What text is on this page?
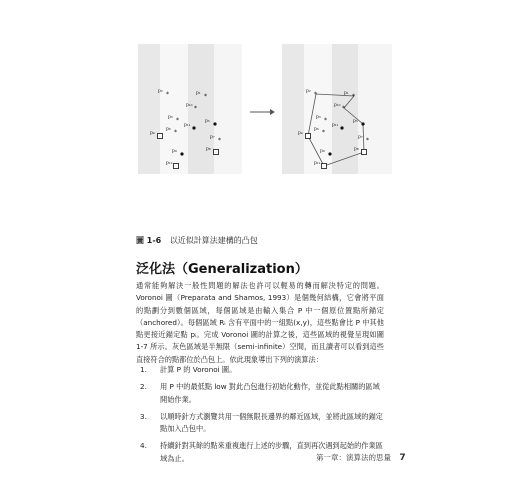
*
p₁
*
p₂
*
p₃
p₄
p₅
*
p₆
*
p₇
p₈
p₉
*
p₁₀
p₁₁
p₁₂
*
p₁
*
p₂
*
p₃
p₄
p₅
*
p₆
*
p₇
p₈
p₉
*
p₁₀
p₁₁
p₁₂
圖 1-6 以近似計算法建構的凸包
泛化法（Generalization）
通常能夠解決一般性問題的解法也許可以輕易的轉而解決特定的問題。Voronoi 圖（Preparata and Shamos, 1993）是個幾何結構，它會將平面的點劃分到數個區域，每個區域是由輸入集合 P 中一個原位置點所錨定（anchored）。每個區域 Rᵢ 含有平面中的一組點(x,y)，這些點會比 P 中其他點更接近錨定點 pᵢ。完成 Voronoi 圖的計算之後，這些區域的視覺呈現如圖 1-7 所示。灰色區域是半無限（semi-infinite）空間，而且讀者可以看到這些直接符合的點都位於凸包上。依此現象導出下列的演算法：
1. 計算 P 的 Voronoi 圖。
2. 用 P 中的最低點 low 對此凸包進行初始化動作，並從此點相關的區域開始作業。
3. 以順時針方式瀏覽共用一個無限長邊界的鄰近區域，並將此區域的錨定點加入凸包中。
4. 持續針對其餘的點來重複進行上述的步驟，直到再次遇到起始的作業區域為止。	第一章：演算法的思量 7
